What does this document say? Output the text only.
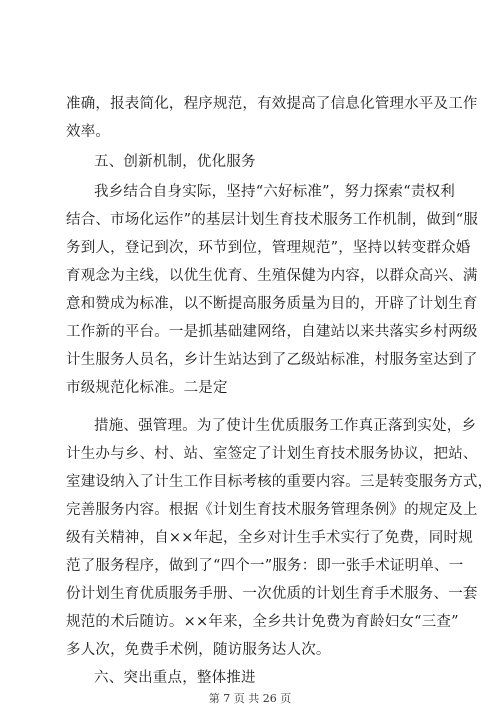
准确，报表简化，程序规范，有效提高了信息化管理水平及工作
效率。
五、创新机制，优化服务
我乡结合自身实际，坚持“六好标准”，努力探索“责权利
结合、市场化运作”的基层计划生育技术服务工作机制，做到“服
务到人，登记到次，环节到位，管理规范”，坚持以转变群众婚
育观念为主线，以优生优育、生殖保健为内容，以群众高兴、满
意和赞成为标准，以不断提高服务质量为目的，开辟了计划生育
工作新的平台。一是抓基础建网络，自建站以来共落实乡村两级
计生服务人员名，乡计生站达到了乙级站标准，村服务室达到了
市级规范化标准。二是定
措施、强管理。为了使计生优质服务工作真正落到实处，乡
计生办与乡、村、站、室签定了计划生育技术服务协议，把站、
室建设纳入了计生工作目标考核的重要内容。三是转变服务方式，
完善服务内容。根据《计划生育技术服务管理条例》的规定及上
级有关精神，自××年起，全乡对计生手术实行了免费，同时规
范了服务程序，做到了“四个一”服务：即一张手术证明单、一
份计划生育优质服务手册、一次优质的计划生育手术服务、一套
规范的术后随访。××年来，全乡共计免费为育龄妇女“三查”
多人次，免费手术例，随访服务达人次。
六、突出重点，整体推进
第 7 页 共 26 页
